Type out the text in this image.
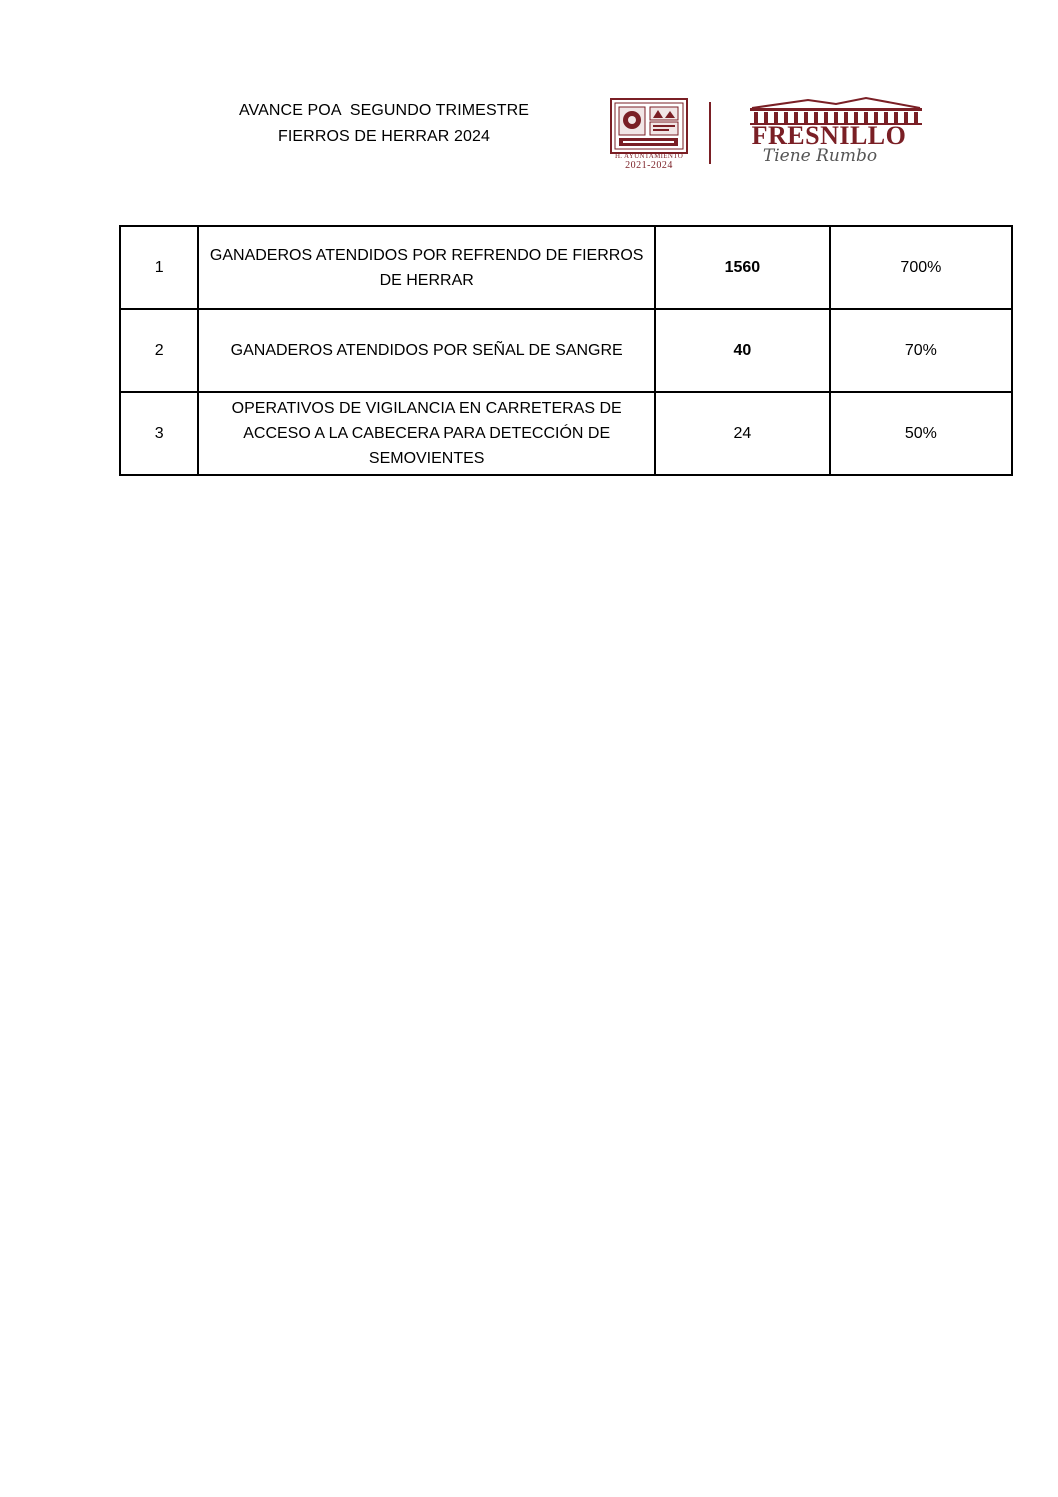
AVANCE POA  SEGUNDO TRIMESTRE
FIERROS DE HERRAR 2024
H. AYUNTAMIENTO
2021-2024
FRESNILLO
Tiene Rumbo
1	GANADEROS ATENDIDOS POR REFRENDO DE FIERROS DE HERRAR	1560	700%
2	GANADEROS ATENDIDOS POR SEÑAL DE SANGRE	40	70%
3	OPERATIVOS DE VIGILANCIA EN CARRETERAS DE ACCESO A LA CABECERA PARA DETECCIÓN DE SEMOVIENTES	24	50%
